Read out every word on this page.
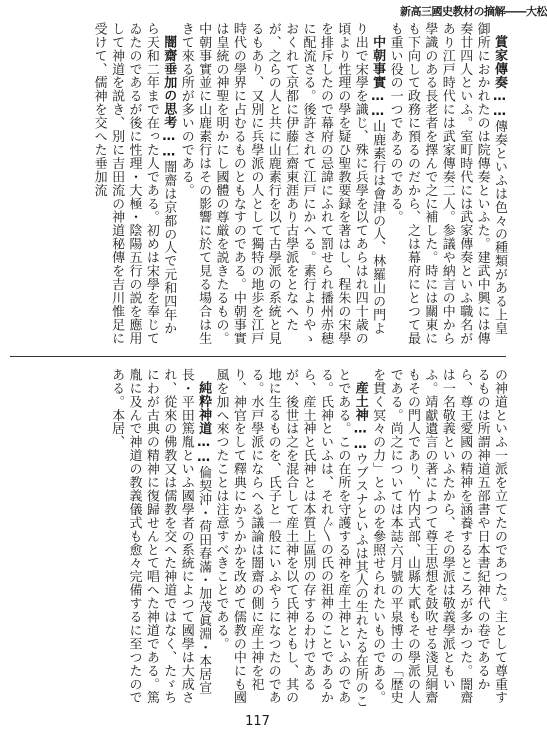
新高三國史教材の摘解――大松

賞家傳奏……傳奏といふは色々の種類がある上皇御所におかれたのは院傳奏といふた。建武中興には傳奏廿四人といふ。室町時代には武家傳奏といふ職名があり江戸時代には武家傳奏二人。参議や納言の中から學識のある長老者を擇んで之に補した。時には關東にも下向して政務に預るのだから、之は幕府にとつて最も重い役の一つであるのである。

中朝事實……山鹿素行は會津の人、林羅山の門より出で宋學を識じ、殊に兵學を以てあらはれ四十歳の頃より性理の學を疑ひ聖教要録を著はし、程朱の宋學を排斥したので幕府の忌諱にふれて罰せられ播州赤穂に配流さる。後許されて江戸にかへる。素行よりやゝおくれて京都に伊藤仁齋東涯あり古學派をとなへたが、之らの人と共に山鹿素行を以て古學派の系統と見るもあり、又別に兵學派の人として獨特の地歩を江戸時代の學界に占むるものともなすのである。中朝事實は皇統の神聖を明かにし國體の尊厳を説きたるもの。中朝事實並に山鹿素行はその影響に於て見る場合は生きて來る所が多いのである。

闇齋垂加の思考……闇齋は京都の人で元和四年から天和二年まで在った人である。初めは宋學を奉じてゐたのであるが後に性理・大極・陰陽五行の説を應用して神道を説き、別に吉田流の神道秘傳を吉川惟足に受けて、儒神を交へた垂加流

の神道といふ一派を立てたのであつた。主として尊重するものは所謂神道五部書や日本書紀神代の卷であるから、尊王愛國の精神を涵養するところが多かつた。闇齋は一名敬義といふたから、その學派は敬義學派ともいふ。靖獻遺言の著によつて尊王思想を鼓吹せる淺見絅齋もその門人であり、竹内式部、山縣大貳もその學派の人である。尚之については本誌六月號の平泉博士の「歴史を貫く冥々の力」とふのを參照せられたいものである。

産土神……ウブスナといふは其人の生れたる在所のことである。この在所を守護する神を産土神といふのである。氏神といふは、それ〴〵の氏の祖神のことであるから、産土神と氏神とは本質上區別の存するわけであるが、後世は之を混合して産土神を以て氏神ともし、其の地に生るものを、氏子と一般にいふやうになつたのである。水戸學派にならへる議論は闇齋の側に産土神を祀り、神官をして釋典にかうかかを改めて儒教の中にも國風を加へ來つたことは注意すべきことである。

純粋神道……倫契沖・荷田春滿・加茂眞淵・本居宣長・平田篤胤といふ國學者の系統によつて國學は大成され、從來の佛教又は儒教を交へた神道ではなく、たゞちにわが古典の精神に復歸せんとて唱へた神道である。篤胤に及んで神道の教義儀式も愈々完備するに至つたのである。本居、

117
